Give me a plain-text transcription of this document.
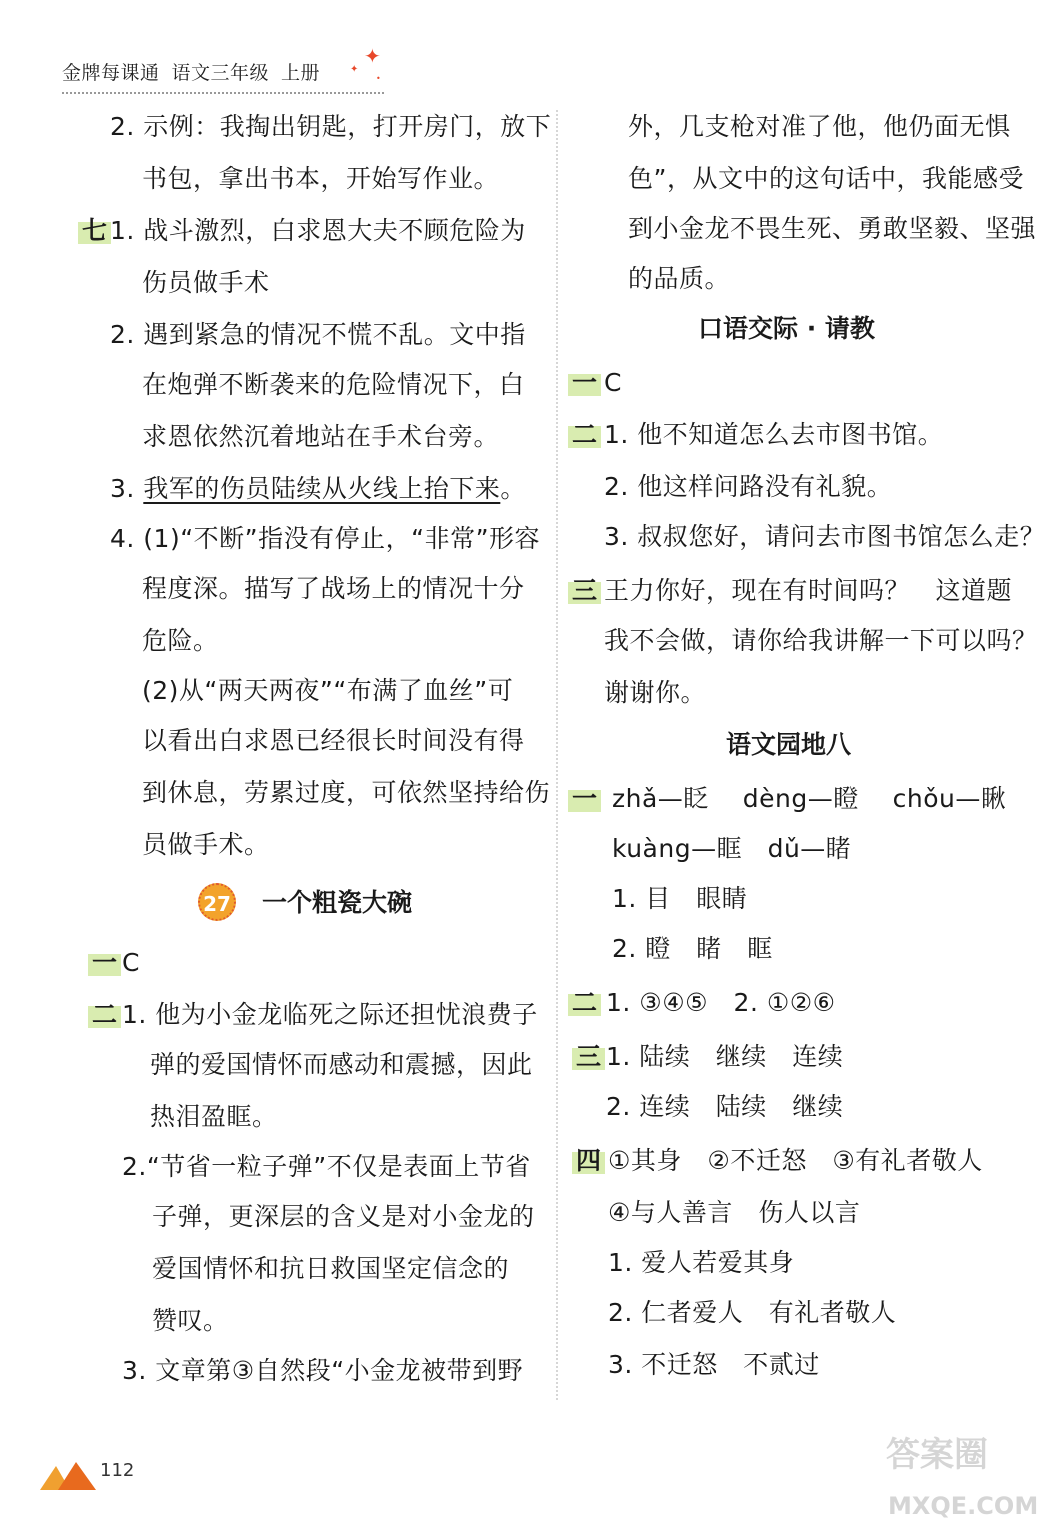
金牌每课通 语文三年级 上册
✦
✦
•
2. 示例：我掏出钥匙，打开房门，放下
书包，拿出书本，开始写作业。
七 1. 战斗激烈，白求恩大夫不顾危险为
伤员做手术
2. 遇到紧急的情况不慌不乱。文中指
在炮弹不断袭来的危险情况下，白
求恩依然沉着地站在手术台旁。
3. 我军的伤员陆续从火线上抬下来。
4. (1)“不断”指没有停止，“非常”形容
程度深。描写了战场上的情况十分
危险。
(2)从“两天两夜”“布满了血丝”可
以看出白求恩已经很长时间没有得
到休息，劳累过度，可依然坚持给伤
员做手术。
27 一个粗瓷大碗
一 C
二 1. 他为小金龙临死之际还担忧浪费子
弹的爱国情怀而感动和震撼，因此
热泪盈眶。
2.“节省一粒子弹”不仅是表面上节省
子弹，更深层的含义是对小金龙的
爱国情怀和抗日救国坚定信念的
赞叹。
3. 文章第③自然段“小金龙被带到野
外，几支枪对准了他，他仍面无惧
色”，从文中的这句话中，我能感受
到小金龙不畏生死、勇敢坚毅、坚强
的品质。
口语交际 · 请教
一 C
二 1. 他不知道怎么去市图书馆。
2. 他这样问路没有礼貌。
3. 叔叔您好，请问去市图书馆怎么走？
三 王力你好，现在有时间吗？　这道题
我不会做，请你给我讲解一下可以吗？
谢谢你。
语文园地八
一 zhǎ—眨　 dèng—瞪　 chǒu—瞅
kuàng—眶　dǔ—睹
1. 目　眼睛
2. 瞪　睹　眶
二 1. ③④⑤　2. ①②⑥
三 1. 陆续　继续　连续
2. 连续　陆续　继续
四 ①其身　②不迁怒　③有礼者敬人
④与人善言　伤人以言
1. 爱人若爱其身
2. 仁者爱人　有礼者敬人
3. 不迁怒　不贰过
112	答案圈
MXQE.COM
